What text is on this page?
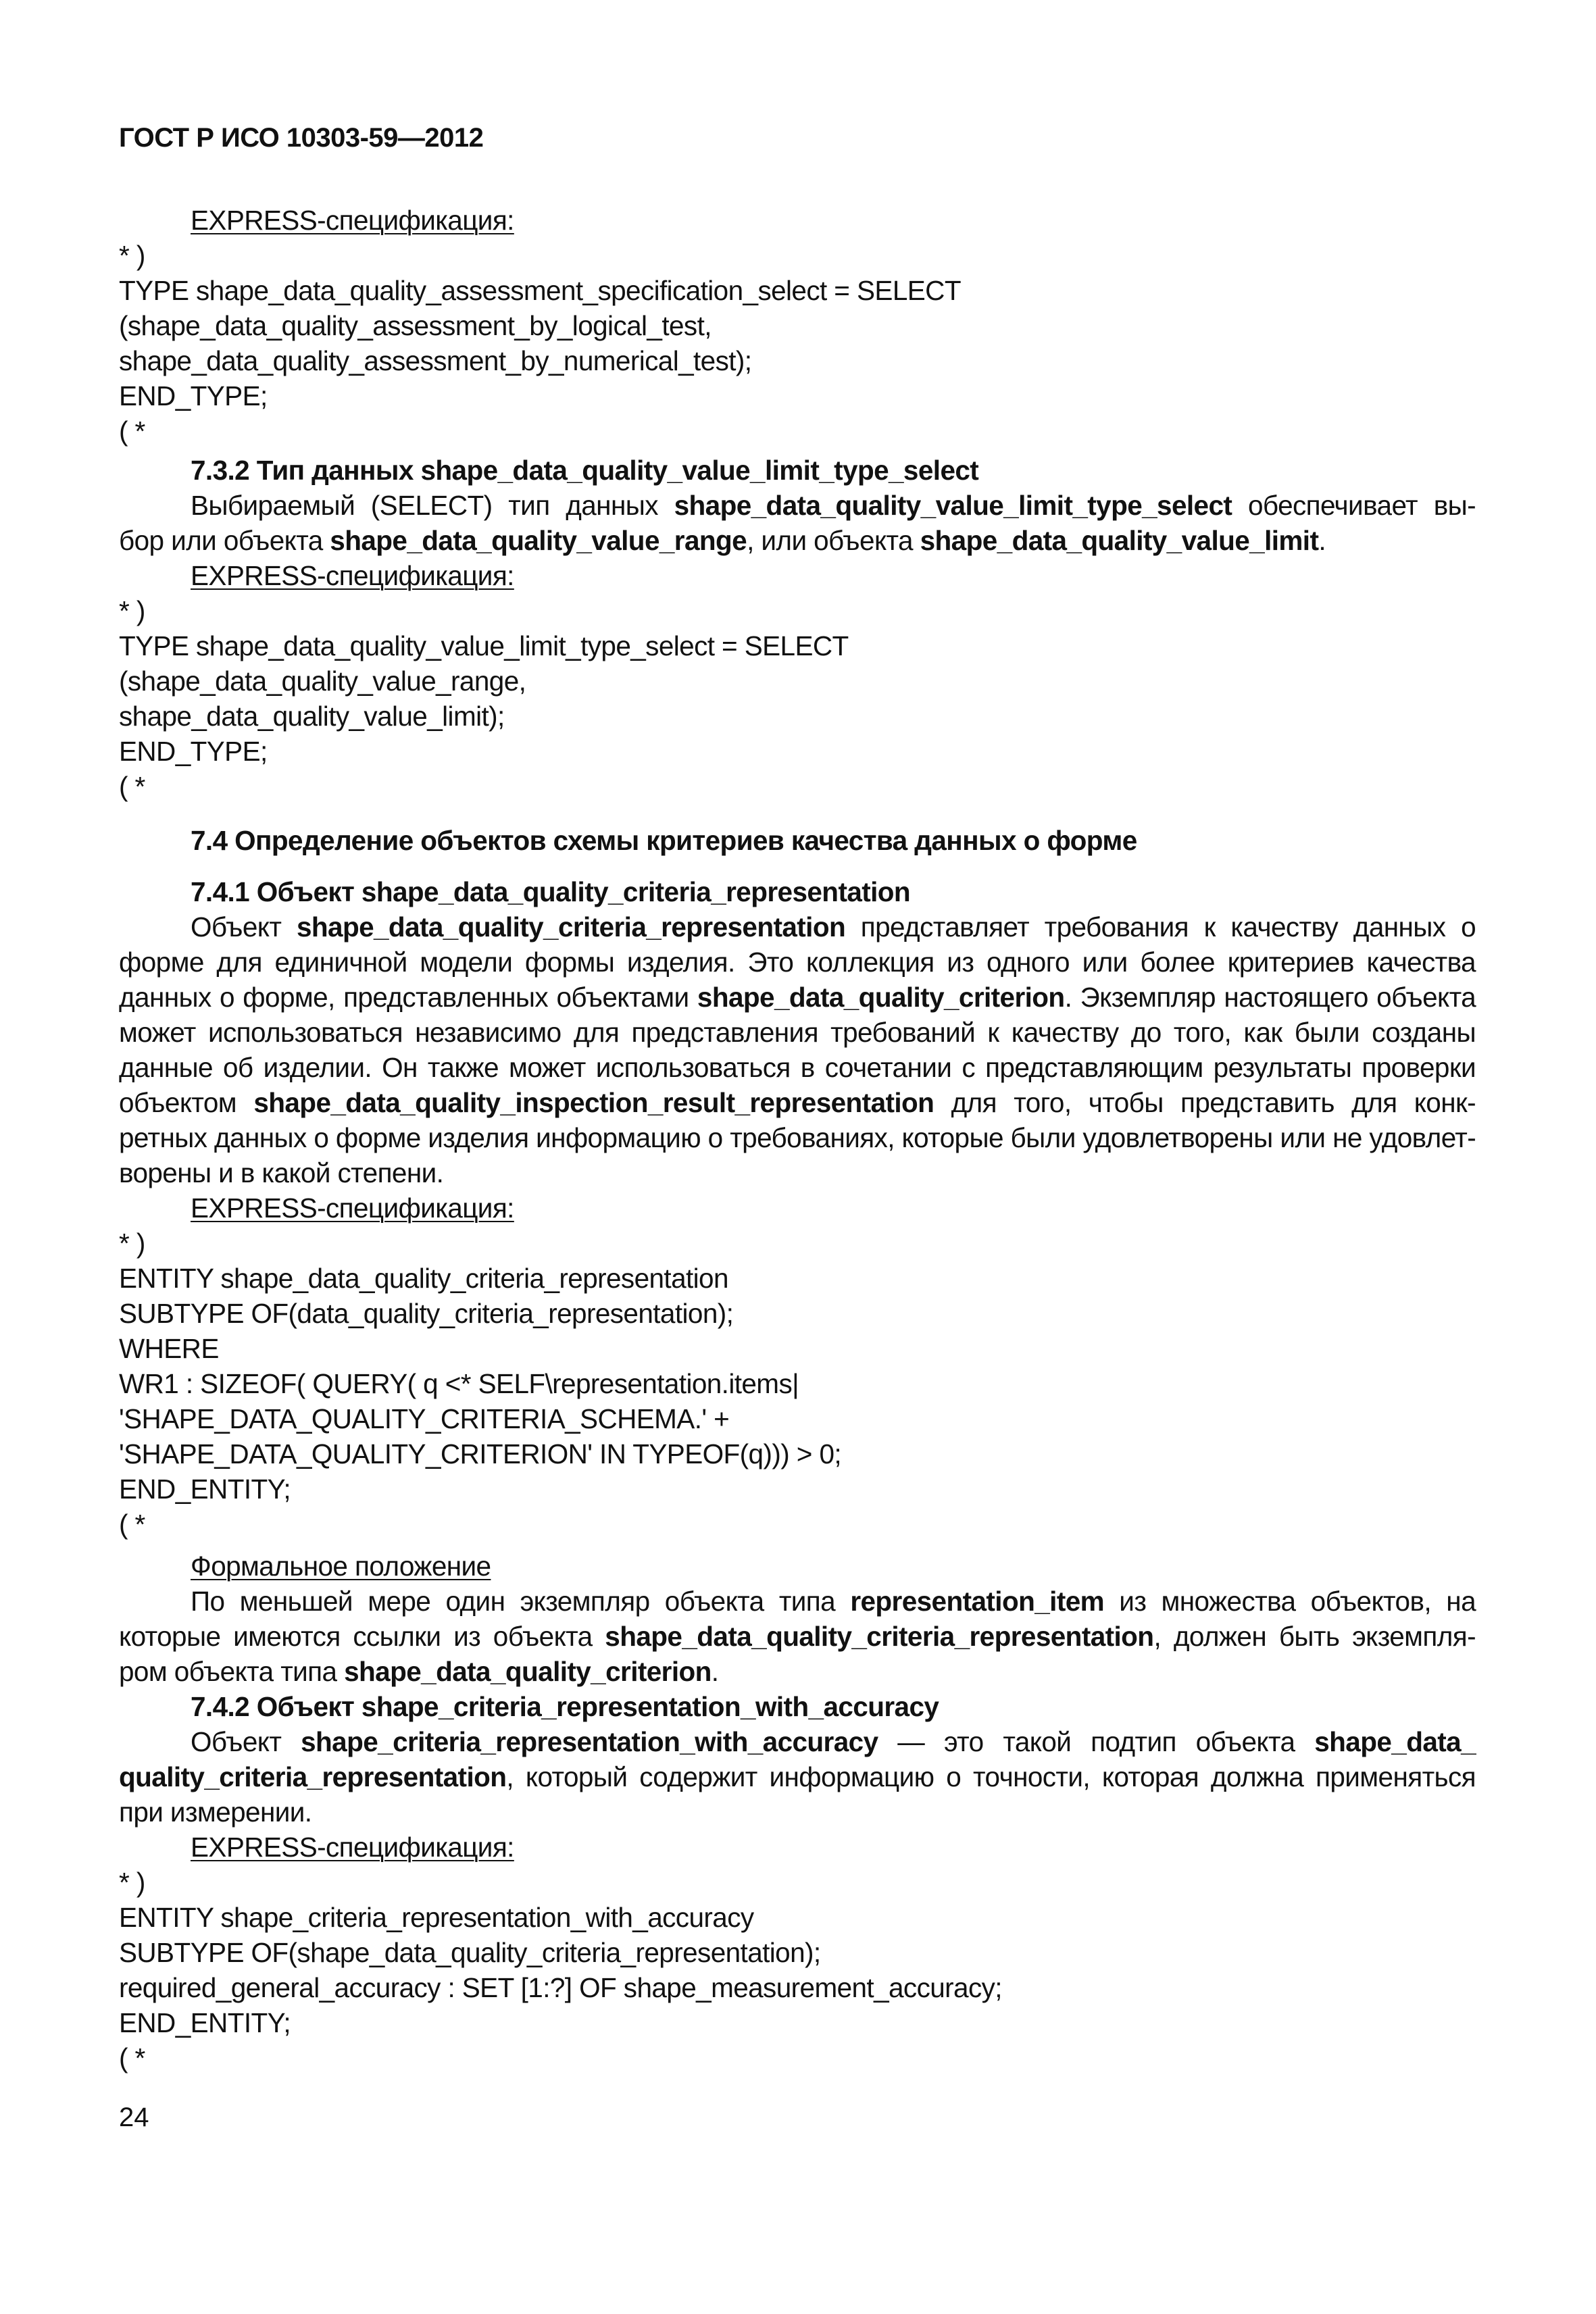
ГОСТ Р ИСО 10303-59—2012
EXPRESS-спецификация:
* )
TYPE shape_data_quality_assessment_specification_select = SELECT
(shape_data_quality_assessment_by_logical_test,
shape_data_quality_assessment_by_numerical_test);
END_TYPE;
( *
7.3.2 Тип данных shape_data_quality_value_limit_type_select
Выбираемый (SELECT) тип данных shape_data_quality_value_limit_type_select обеспечивает вы-
бор или объекта shape_data_quality_value_range, или объекта shape_data_quality_value_limit.
EXPRESS-спецификация:
* )
TYPE shape_data_quality_value_limit_type_select = SELECT
(shape_data_quality_value_range,
shape_data_quality_value_limit);
END_TYPE;
( *
7.4 Определение объектов схемы критериев качества данных о форме
7.4.1 Объект shape_data_quality_criteria_representation
Объект shape_data_quality_criteria_representation представляет требования к качеству данных о
форме для единичной модели формы изделия. Это коллекция из одного или более критериев качества
данных о форме, представленных объектами shape_data_quality_criterion. Экземпляр настоящего объекта
может использоваться независимо для представления требований к качеству до того, как были созданы
данные об изделии. Он также может использоваться в сочетании с представляющим результаты проверки
объектом shape_data_quality_inspection_result_representation для того, чтобы представить для конк-
ретных данных о форме изделия информацию о требованиях, которые были удовлетворены или не удовлет-
ворены и в какой степени.
EXPRESS-спецификация:
* )
ENTITY shape_data_quality_criteria_representation
SUBTYPE OF(data_quality_criteria_representation);
WHERE
WR1 : SIZEOF( QUERY( q <* SELF\representation.items|
'SHAPE_DATA_QUALITY_CRITERIA_SCHEMA.' +
'SHAPE_DATA_QUALITY_CRITERION' IN TYPEOF(q))) > 0;
END_ENTITY;
( *
Формальное положение
По меньшей мере один экземпляр объекта типа representation_item из множества объектов, на
которые имеются ссылки из объекта shape_data_quality_criteria_representation, должен быть экземпля-
ром объекта типа shape_data_quality_criterion.
7.4.2 Объект shape_criteria_representation_with_accuracy
Объект shape_criteria_representation_with_accuracy — это такой подтип объекта shape_data_
quality_criteria_representation, который содержит информацию о точности, которая должна применяться
при измерении.
EXPRESS-спецификация:
* )
ENTITY shape_criteria_representation_with_accuracy
SUBTYPE OF(shape_data_quality_criteria_representation);
required_general_accuracy : SET [1:?] OF shape_measurement_accuracy;
END_ENTITY;
( *
24
